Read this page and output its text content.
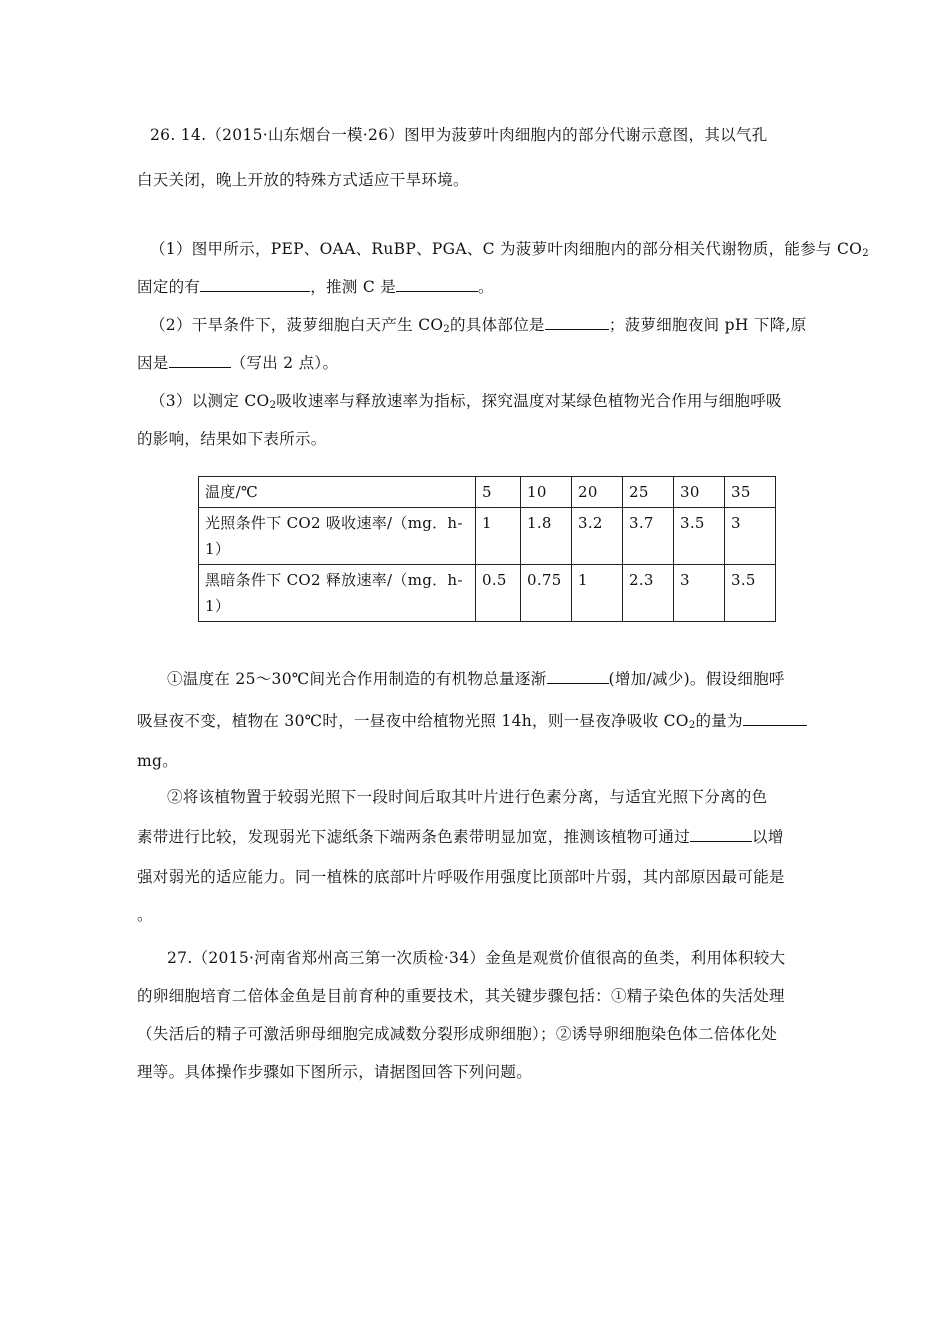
26. 14.（2015·山东烟台一模·26）图甲为菠萝叶肉细胞内的部分代谢示意图，其以气孔
白天关闭，晚上开放的特殊方式适应干旱环境。
（1）图甲所示，PEP、OAA、RuBP、PGA、C 为菠萝叶肉细胞内的部分相关代谢物质，能参与 $CO_2$
固定的有	，推测 C 是	。
（2）干旱条件下，菠萝细胞白天产生 $CO_2$的具体部位是	；菠萝细胞夜间 pH 下降,原
因是	（写出 2 点）。
（3）以测定 $CO_2$吸收速率与释放速率为指标，探究温度对某绿色植物光合作用与细胞呼吸
的影响，结果如下表所示。
温度/℃	5	10	20	25	30	35

光照条件下 CO2 吸收速率/（mg．h-
1）	1	1.8	3.2	3.7	3.5	3

黑暗条件下 CO2 释放速率/（mg．h-
1）	0.5	0.75	1	2.3	3	3.5
①温度在 25～30℃间光合作用制造的有机物总量逐渐	(增加/减少)。假设细胞呼
吸昼夜不变，植物在 30℃时，一昼夜中给植物光照 14h，则一昼夜净吸收 $CO_2$的量为
mg。
②将该植物置于较弱光照下一段时间后取其叶片进行色素分离，与适宜光照下分离的色
素带进行比较，发现弱光下滤纸条下端两条色素带明显加宽，推测该植物可通过	以增
强对弱光的适应能力。同一植株的底部叶片呼吸作用强度比顶部叶片弱，其内部原因最可能是
。
27.（2015·河南省郑州高三第一次质检·34）金鱼是观赏价值很高的鱼类，利用体积较大
的卵细胞培育二倍体金鱼是目前育种的重要技术，其关键步骤包括：①精子染色体的失活处理
（失活后的精子可激活卵母细胞完成减数分裂形成卵细胞）；②诱导卵细胞染色体二倍体化处
理等。具体操作步骤如下图所示，请据图回答下列问题。
